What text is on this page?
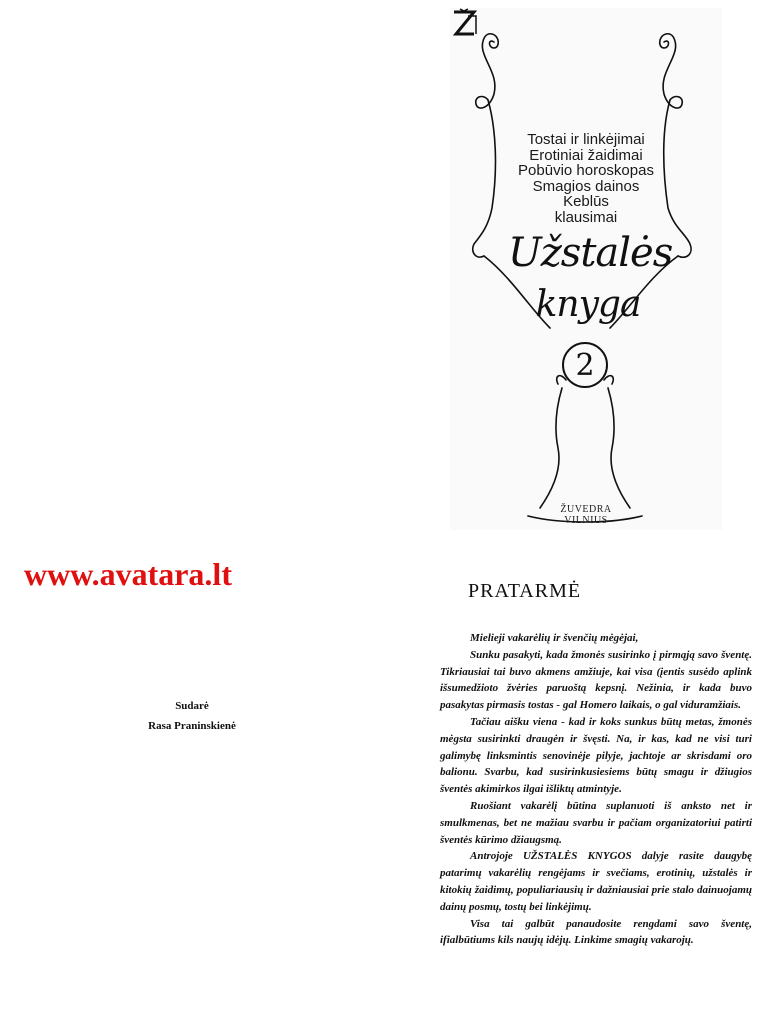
Tostai ir linkėjimai
Erotiniai žaidimai
Pobūvio horoskopas
Smagios dainos
Keblūs
klausimai
Užstalės
knyga
2
ŽUVEDRA
VILNIUS
www.avatara.lt
Sudarė
Rasa Praninskienė
PRATARMĖ

Mielieji vakarėlių ir švenčių mėgėjai,

Sunku pasakyti, kada žmonės susirinko į pirmąją savo šventę. Tikriausiai tai buvo akmens amžiuje, kai visa (įentis susėdo aplink išsumedžioto žvėries paruoštą kepsnį. Nežinia, ir kada buvo pasakytas pirmasis tostas - gal Homero laikais, o gal viduramžiais.

Tačiau aišku viena - kad ir koks sunkus būtų metas, žmonės mėgsta susirinkti draugėn ir švęsti. Na, ir kas, kad ne visi turi galimybę linksmintis senovinėje pilyje, jachtoje ar skrisdami oro balionu. Svarbu, kad susirinkusiesiems būtų smagu ir džiugios šventės akimirkos ilgai išliktų atmintyje.

Ruošiant vakarėlį būtina suplanuoti iš anksto net ir smulkmenas, bet ne mažiau svarbu ir pačiam organizatoriui patirti šventės kūrimo džiaugsmą.

Antrojoje UŽSTALĖS KNYGOS dalyje rasite daugybę patarimų vakarėlių rengėjams ir svečiams, erotinių, užstalės ir kitokių žaidimų, populiariausių ir dažniausiai prie stalo dainuojamų dainų posmų, tostų bei linkėjimų.

Visa tai galbūt panaudosite rengdami savo šventę, ifialbūtiums kils naujų idėjų. Linkime smagių vakarojų.
